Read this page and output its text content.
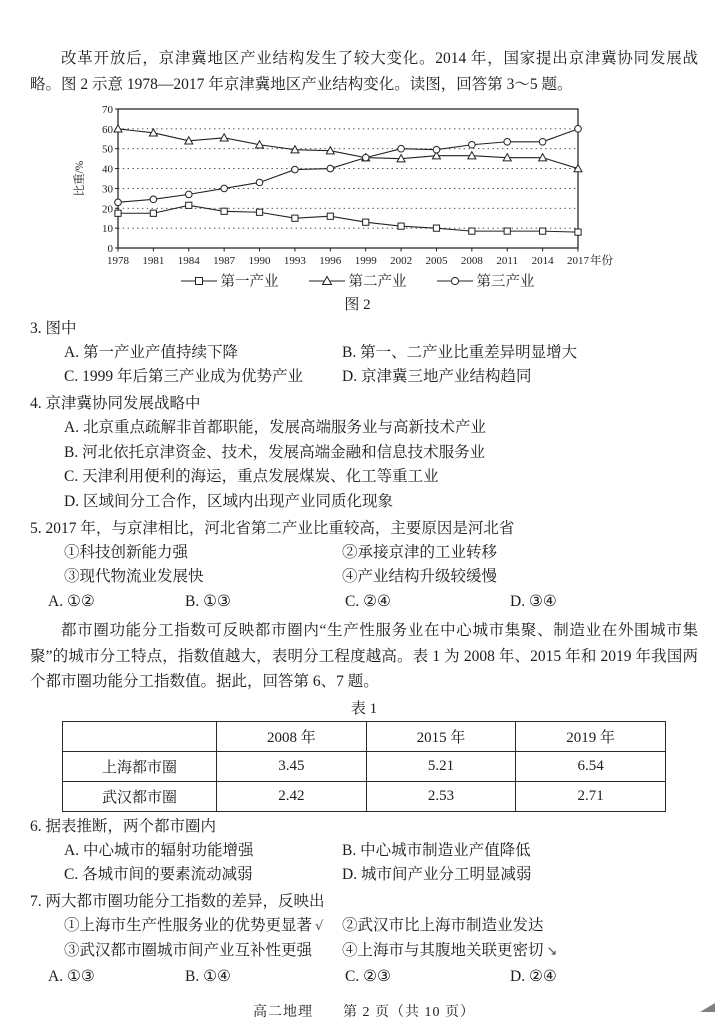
改革开放后，京津冀地区产业结构发生了较大变化。2014 年，国家提出京津冀协同发展战略。图 2 示意 1978—2017 年京津冀地区产业结构变化。读图，回答第 3～5 题。

0
10
20
30
40
50
60
70
比重/%
1978 1981 1984 1987 1990 1993 1996 1999 2002 2005 2008 2011 2014 2017 年份
第一产业	第二产业	第三产业
图 2

3. 图中

A. 第一产业产值持续下降	B. 第一、二产业比重差异明显增大
C. 1999 年后第三产业成为优势产业	D. 京津冀三地产业结构趋同

4. 京津冀协同发展战略中

A. 北京重点疏解非首都职能，发展高端服务业与高新技术产业
B. 河北依托京津资金、技术，发展高端金融和信息技术服务业
C. 天津利用便利的海运，重点发展煤炭、化工等重工业
D. 区域间分工合作，区域内出现产业同质化现象

5. 2017 年，与京津相比，河北省第二产业比重较高，主要原因是河北省

①科技创新能力强	②承接京津的工业转移
③现代物流业发展快	④产业结构升级较缓慢
A. ①②	B. ①③	C. ②④	D. ③④

都市圈功能分工指数可反映都市圈内“生产性服务业在中心城市集聚、制造业在外围城市集聚”的城市分工特点，指数值越大，表明分工程度越高。表 1 为 2008 年、2015 年和 2019 年我国两个都市圈功能分工指数值。据此，回答第 6、7 题。

表 1
	2008 年	2015 年	2019 年
上海都市圈	3.45	5.21	6.54
武汉都市圈	2.42	2.53	2.71

6. 据表推断，两个都市圈内

A. 中心城市的辐射功能增强	B. 中心城市制造业产值降低
C. 各城市间的要素流动减弱	D. 城市间产业分工明显减弱

7. 两大都市圈功能分工指数的差异，反映出

①上海市生产性服务业的优势更显著 √	②武汉市比上海市制造业发达
③武汉都市圈城市间产业互补性更强	④上海市与其腹地关联更密切 ↘
A. ①③	B. ①④	C. ②③	D. ②④
高二地理　　第 2 页（共 10 页）
